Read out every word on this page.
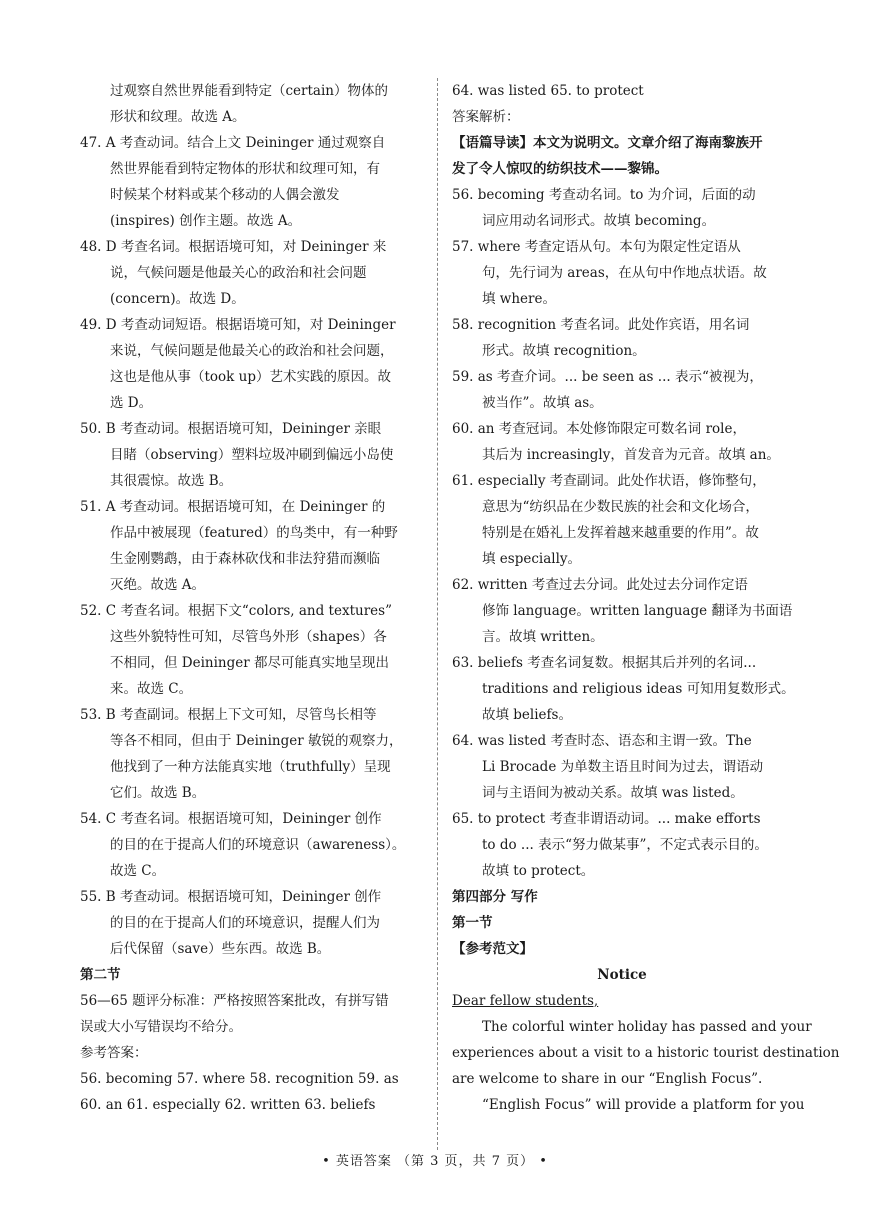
过观察自然世界能看到特定（certain）物体的
形状和纹理。故选 A。
47. A 考查动词。结合上文 Deininger 通过观察自
然世界能看到特定物体的形状和纹理可知，有
时候某个材料或某个移动的人偶会激发
(inspires) 创作主题。故选 A。
48. D 考查名词。根据语境可知，对 Deininger 来
说，气候问题是他最关心的政治和社会问题
(concern)。故选 D。
49. D 考查动词短语。根据语境可知，对 Deininger
来说，气候问题是他最关心的政治和社会问题，
这也是他从事（took up）艺术实践的原因。故
选 D。
50. B 考查动词。根据语境可知，Deininger 亲眼
目睹（observing）塑料垃圾冲刷到偏远小岛使
其很震惊。故选 B。
51. A 考查动词。根据语境可知，在 Deininger 的
作品中被展现（featured）的鸟类中，有一种野
生金刚鹦鹉，由于森林砍伐和非法狩猎而濒临
灭绝。故选 A。
52. C 考查名词。根据下文“colors, and textures”
这些外貌特性可知，尽管鸟外形（shapes）各
不相同，但 Deininger 都尽可能真实地呈现出
来。故选 C。
53. B 考查副词。根据上下文可知，尽管鸟长相等
等各不相同，但由于 Deininger 敏锐的观察力，
他找到了一种方法能真实地（truthfully）呈现
它们。故选 B。
54. C 考查名词。根据语境可知，Deininger 创作
的目的在于提高人们的环境意识（awareness）。
故选 C。
55. B 考查动词。根据语境可知，Deininger 创作
的目的在于提高人们的环境意识，提醒人们为
后代保留（save）些东西。故选 B。
第二节
56—65 题评分标准：严格按照答案批改，有拼写错
误或大小写错误均不给分。
参考答案：
56. becoming 57. where 58. recognition 59. as
60. an 61. especially 62. written 63. beliefs
64. was listed 65. to protect
答案解析：
【语篇导读】本文为说明文。文章介绍了海南黎族开
发了令人惊叹的纺织技术——黎锦。
56. becoming 考查动名词。to 为介词，后面的动
词应用动名词形式。故填 becoming。
57. where 考查定语从句。本句为限定性定语从
句，先行词为 areas，在从句中作地点状语。故
填 where。
58. recognition 考查名词。此处作宾语，用名词
形式。故填 recognition。
59. as 考查介词。... be seen as ... 表示“被视为，
被当作”。故填 as。
60. an 考查冠词。本处修饰限定可数名词 role，
其后为 increasingly，首发音为元音。故填 an。
61. especially 考查副词。此处作状语，修饰整句，
意思为“纺织品在少数民族的社会和文化场合，
特别是在婚礼上发挥着越来越重要的作用”。故
填 especially。
62. written 考查过去分词。此处过去分词作定语
修饰 language。written language 翻译为书面语
言。故填 written。
63. beliefs 考查名词复数。根据其后并列的名词...
traditions and religious ideas 可知用复数形式。
故填 beliefs。
64. was listed 考查时态、语态和主谓一致。The
Li Brocade 为单数主语且时间为过去，谓语动
词与主语间为被动关系。故填 was listed。
65. to protect 考查非谓语动词。... make efforts
to do ... 表示“努力做某事”，不定式表示目的。
故填 to protect。
第四部分 写作
第一节
【参考范文】
Notice
Dear fellow students,
The colorful winter holiday has passed and your
experiences about a visit to a historic tourist destination
are welcome to share in our “English Focus”.
“English Focus” will provide a platform for you
• 英语答案 （第 3 页，共 7 页） •
